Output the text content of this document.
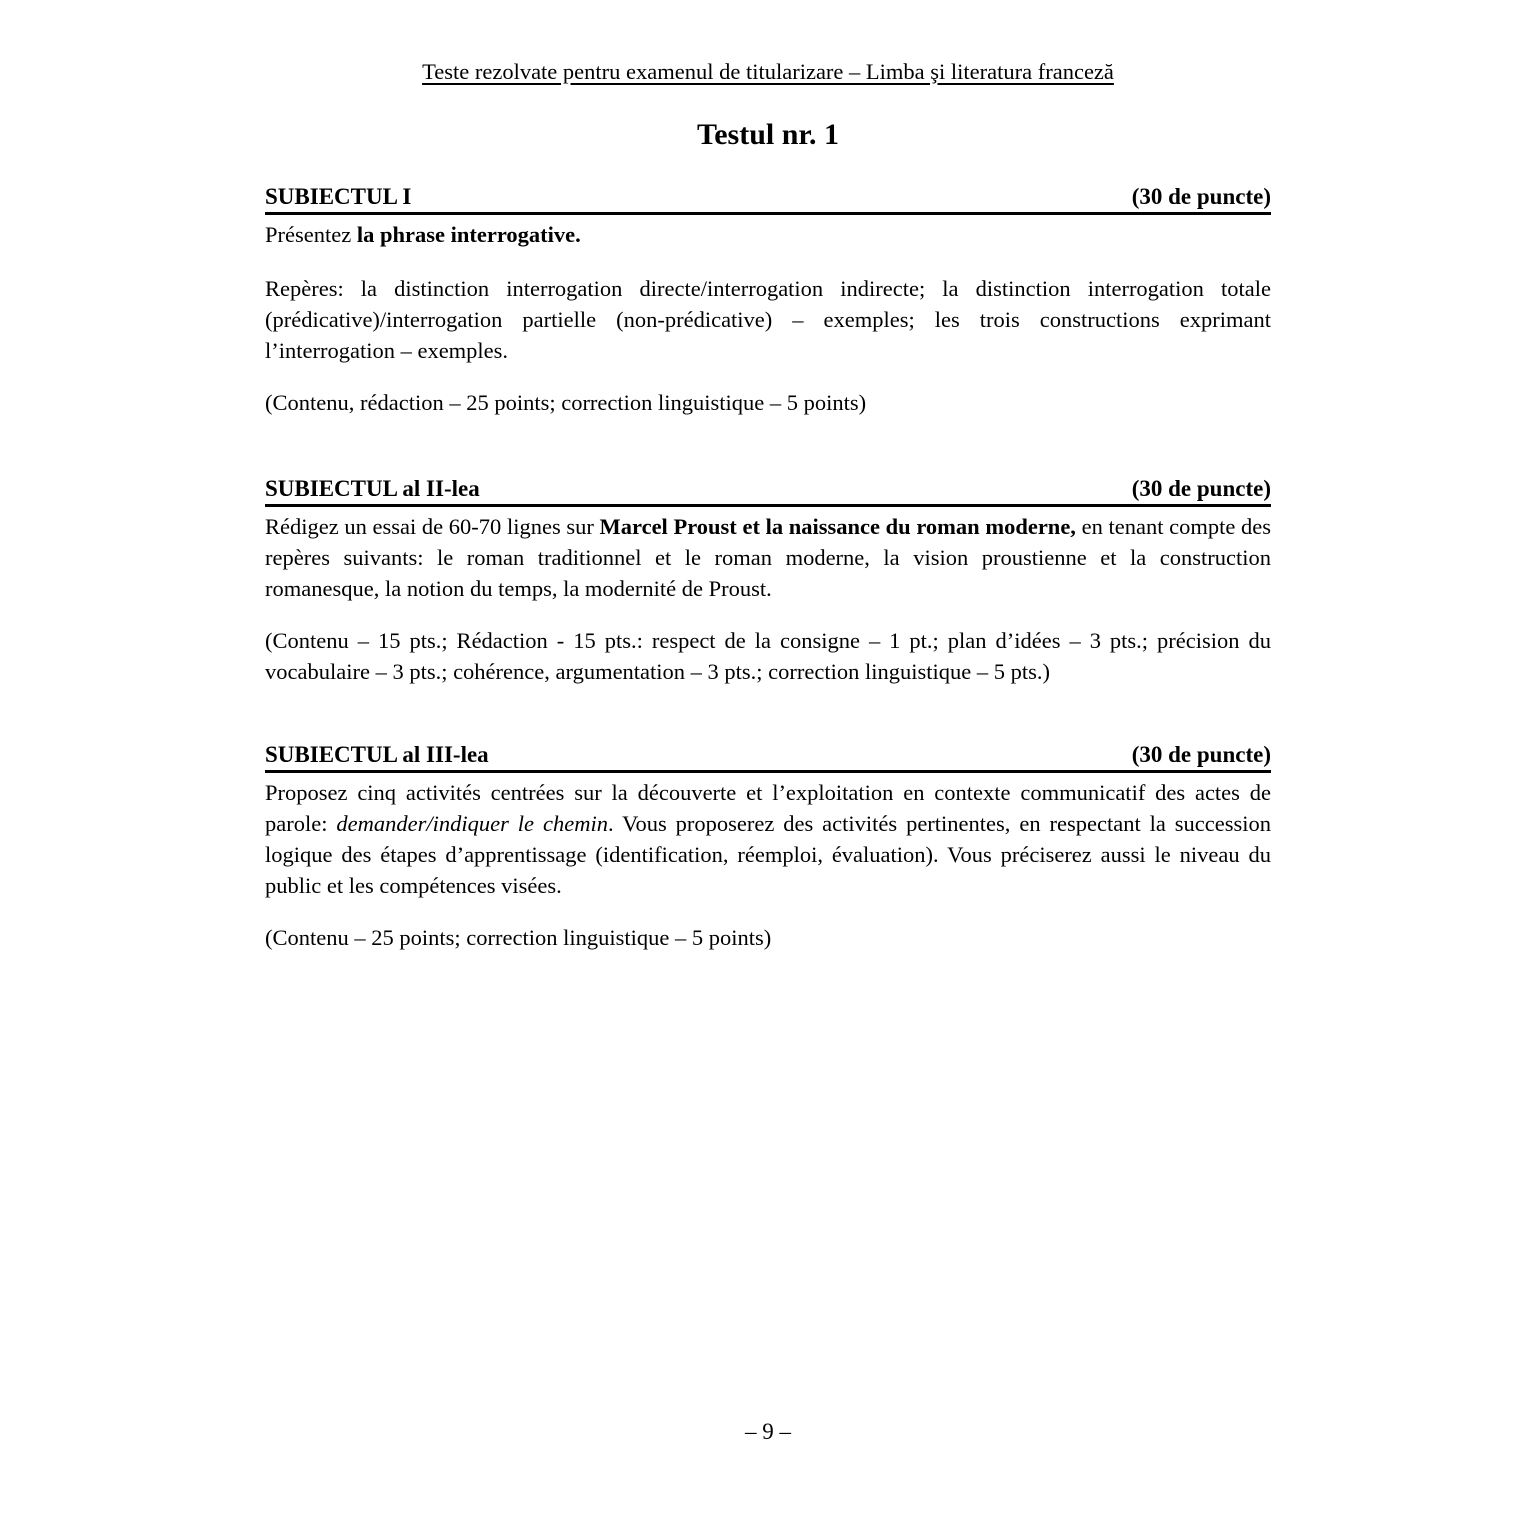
Teste rezolvate pentru examenul de titularizare – Limba şi literatura franceză
Testul nr. 1
SUBIECTUL I	(30 de puncte)

Présentez la phrase interrogative.

Repères: la distinction interrogation directe/interrogation indirecte; la distinction interrogation totale (prédicative)/interrogation partielle (non-prédicative) – exemples; les trois constructions exprimant l’interrogation – exemples.

(Contenu, rédaction – 25 points; correction linguistique – 5 points)

SUBIECTUL al II-lea	(30 de puncte)

Rédigez un essai de 60-70 lignes sur Marcel Proust et la naissance du roman moderne, en tenant compte des repères suivants: le roman traditionnel et le roman moderne, la vision proustienne et la construction romanesque, la notion du temps, la modernité de Proust.

(Contenu – 15 pts.; Rédaction - 15 pts.: respect de la consigne – 1 pt.; plan d’idées – 3 pts.; précision du vocabulaire – 3 pts.; cohérence, argumentation – 3 pts.; correction linguistique – 5 pts.)

SUBIECTUL al III-lea	(30 de puncte)

Proposez cinq activités centrées sur la découverte et l’exploitation en contexte communicatif des actes de parole: demander/indiquer le chemin. Vous proposerez des activités pertinentes, en respectant la succession logique des étapes d’apprentissage (identification, réemploi, évaluation). Vous préciserez aussi le niveau du public et les compétences visées.

(Contenu – 25 points; correction linguistique – 5 points)

– 9 –
